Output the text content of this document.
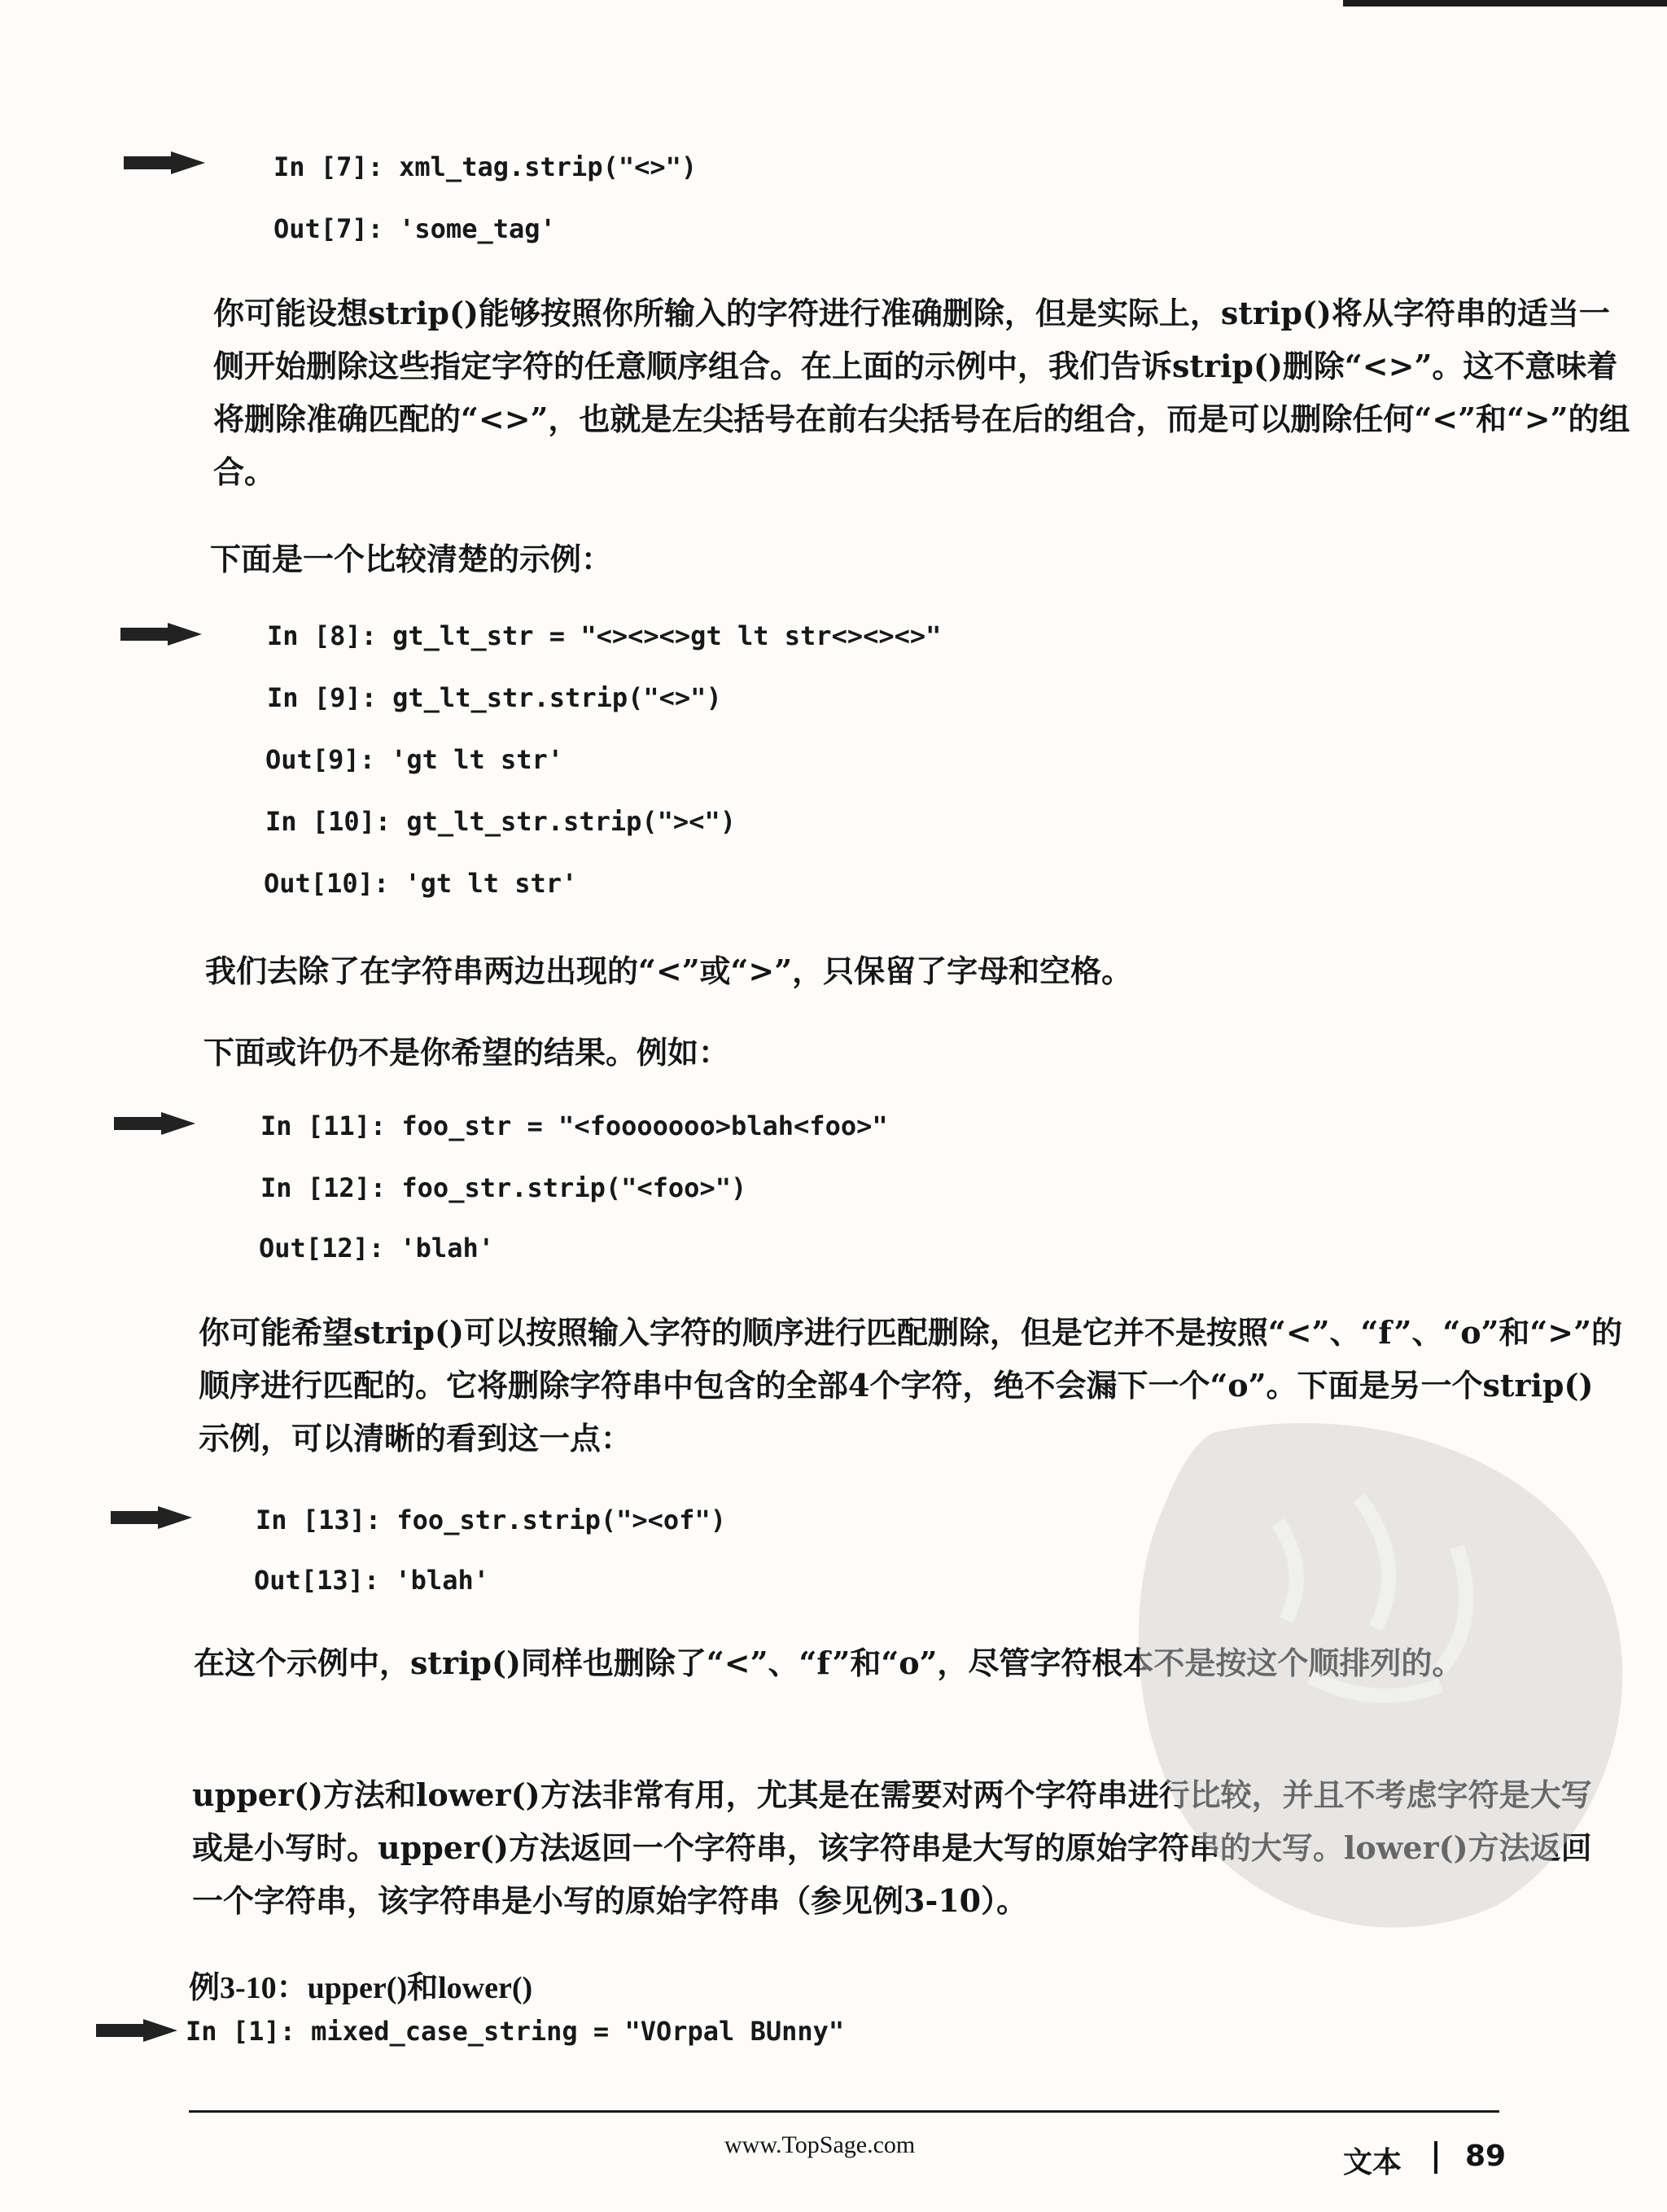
In [7]: xml_tag.strip("<>")
Out[7]: 'some_tag'
你可能设想strip()能够按照你所输入的字符进行准确删除，但是实际上，strip()将从字符串的适当一侧开始删除这些指定字符的任意顺序组合。在上面的示例中，我们告诉strip()删除“<>”。这不意味着将删除准确匹配的“<>”，也就是左尖括号在前右尖括号在后的组合，而是可以删除任何“<”和“>”的组合。
下面是一个比较清楚的示例：
In [8]: gt_lt_str = "<><><>gt lt str<><><>"
In [9]: gt_lt_str.strip("<>")
Out[9]: 'gt lt str'
In [10]: gt_lt_str.strip("><")
Out[10]: 'gt lt str'
我们去除了在字符串两边出现的“<”或“>”，只保留了字母和空格。
下面或许仍不是你希望的结果。例如：
In [11]: foo_str = "<fooooooo>blah<foo>"
In [12]: foo_str.strip("<foo>")
Out[12]: 'blah'
你可能希望strip()可以按照输入字符的顺序进行匹配删除，但是它并不是按照“<”、“f”、“o”和“>”的顺序进行匹配的。它将删除字符串中包含的全部4个字符，绝不会漏下一个“o”。下面是另一个strip()示例，可以清晰的看到这一点：
In [13]: foo_str.strip("><of")
Out[13]: 'blah'
在这个示例中，strip()同样也删除了“<”、“f”和“o”，尽管字符根本不是按这个顺排列的。
upper()方法和lower()方法非常有用，尤其是在需要对两个字符串进行比较，并且不考虑字符是大写或是小写时。upper()方法返回一个字符串，该字符串是大写的原始字符串的大写。lower()方法返回一个字符串，该字符串是小写的原始字符串（参见例3-10）。
例3-10：upper()和lower()
In [1]: mixed_case_string = "VOrpal BUnny"
www.TopSage.com
文本 89
